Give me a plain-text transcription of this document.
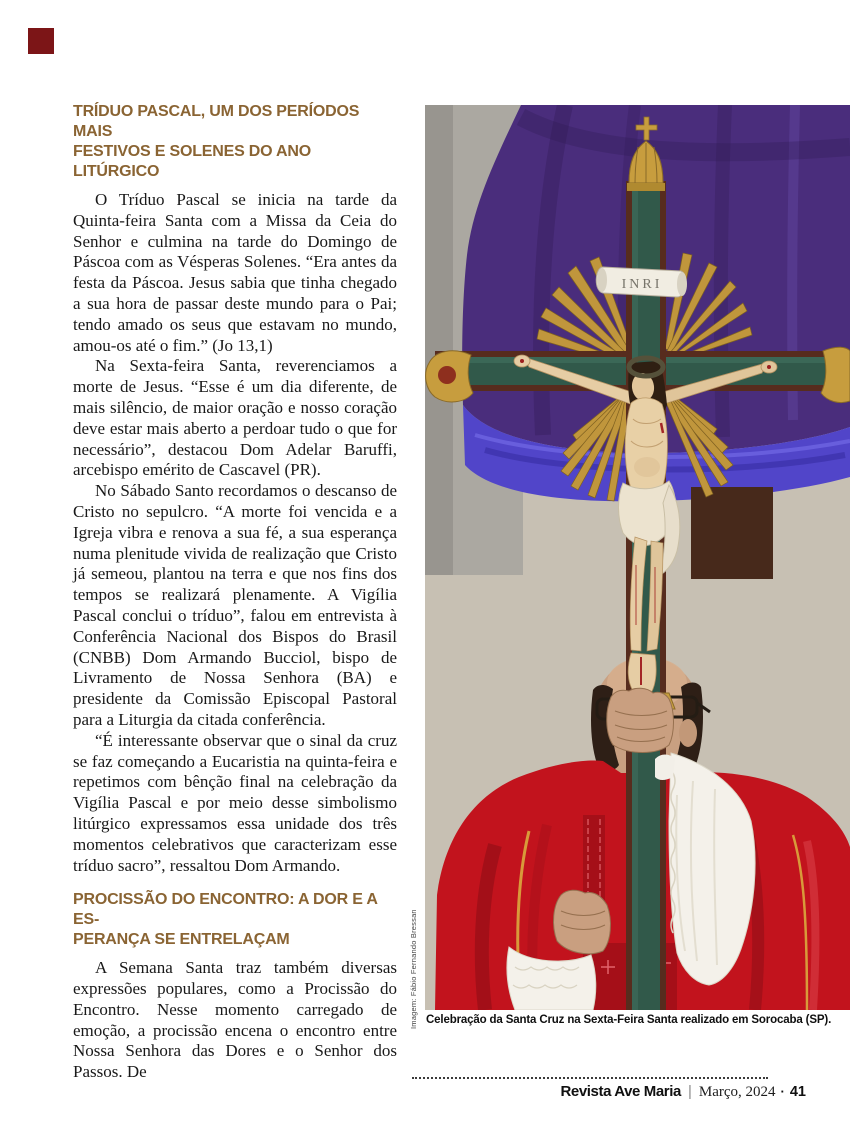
TRÍDUO PASCAL, UM DOS PERÍODOS MAIS
FESTIVOS E SOLENES DO ANO LITÚRGICO

O Tríduo Pascal se inicia na tarde da Quinta-feira Santa com a Missa da Ceia do Senhor e culmina na tarde do Domingo de Páscoa com as Vésperas Solenes. “Era antes da festa da Páscoa. Jesus sabia que tinha chegado a sua hora de passar deste mundo para o Pai; tendo amado os seus que estavam no mundo, amou-os até o fim.” (Jo 13,1)

Na Sexta-feira Santa, reverenciamos a morte de Jesus. “Esse é um dia diferente, de mais silêncio, de maior oração e nosso coração deve estar mais aberto a perdoar tudo o que for necessário”, destacou Dom Adelar Baruffi, arcebispo emérito de Cascavel (PR).

No Sábado Santo recordamos o descanso de Cristo no sepulcro. “A morte foi vencida e a Igreja vibra e renova a sua fé, a sua esperança numa plenitude vivida de realização que Cristo já semeou, plantou na terra e que nos fins dos tempos se realizará plenamente. A Vigília Pascal conclui o tríduo”, falou em entrevista à Conferência Nacional dos Bispos do Brasil (CNBB) Dom Armando Bucciol, bispo de Livramento de Nossa Senhora (BA) e presidente da Comissão Episcopal Pastoral para a Liturgia da citada conferência.

“É interessante observar que o sinal da cruz se faz começando a Eucaristia na quinta-feira e repetimos com bênção final na celebração da Vigília Pascal e por meio desse simbolismo litúrgico expressamos essa unidade dos três momentos celebrativos que caracterizam esse tríduo sacro”, ressaltou Dom Armando.

PROCISSÃO DO ENCONTRO: A DOR E A ES-
PERANÇA SE ENTRELAÇAM

A Semana Santa traz também diversas expressões populares, como a Procissão do Encontro. Nesse momento carregado de emoção, a procissão encena o encontro entre Nossa Senhora das Dores e o Senhor dos Passos. De

INRI
Imagem: Fábio Fernando Bressan Celebração da Santa Cruz na Sexta-Feira Santa realizado em Sorocaba (SP).
Revista Ave Maria | Março, 2024 · 41
